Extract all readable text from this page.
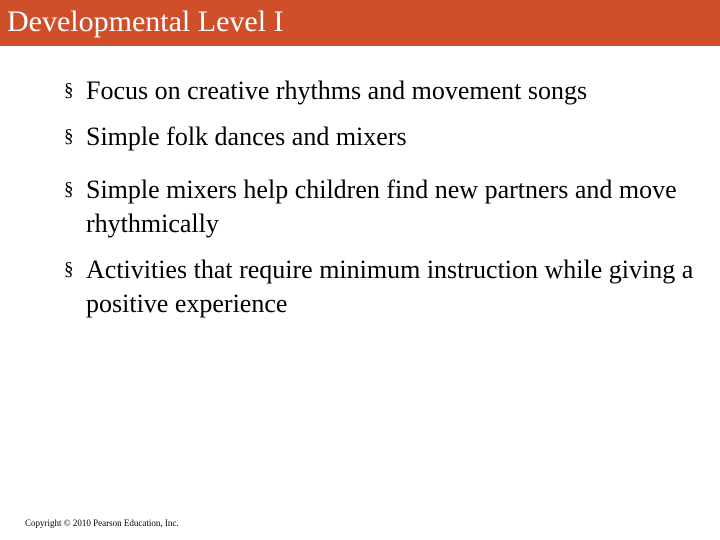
Developmental Level I
§ Focus on creative rhythms and movement songs
§ Simple folk dances and mixers
§ Simple mixers help children find new partners and move rhythmically
§ Activities that require minimum instruction while giving a positive experience
Copyright © 2010 Pearson Education, Inc.
